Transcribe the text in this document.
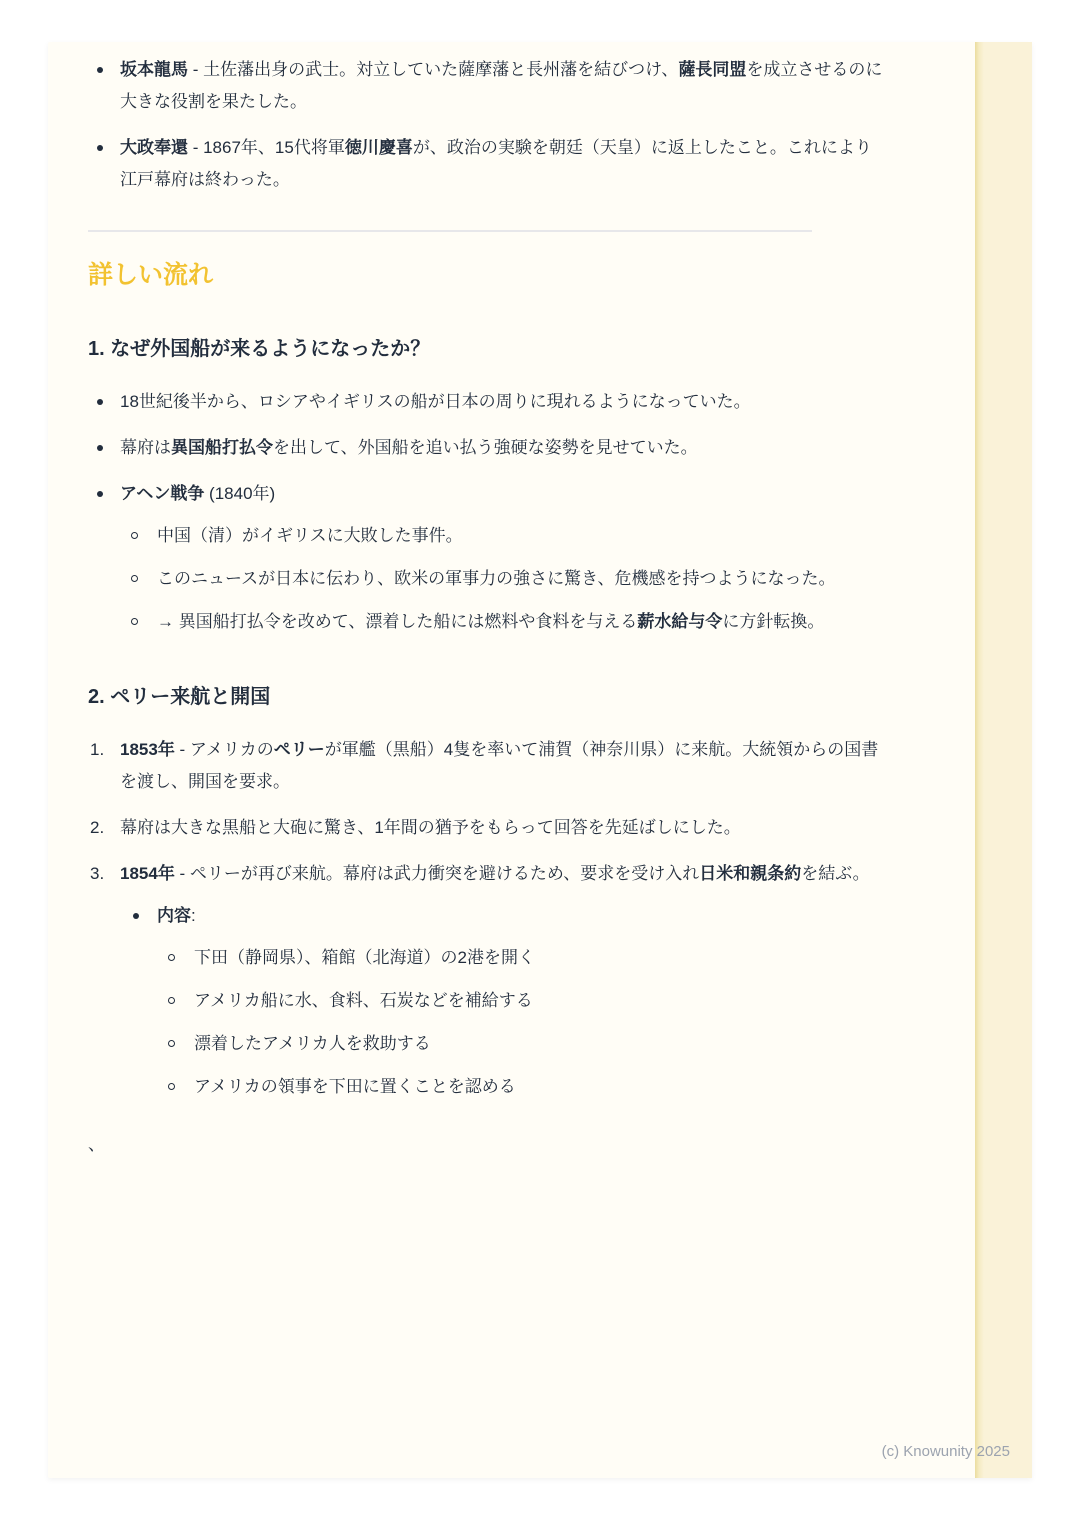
坂本龍馬 - 土佐藩出身の武士。対立していた薩摩藩と長州藩を結びつけ、薩長同盟を成立させるのに大きな役割を果たした。
大政奉還 - 1867年、15代将軍徳川慶喜が、政治の実験を朝廷（天皇）に返上したこと。これにより江戸幕府は終わった。
詳しい流れ
1. なぜ外国船が来るようになったか？
18世紀後半から、ロシアやイギリスの船が日本の周りに現れるようになっていた。
幕府は異国船打払令を出して、外国船を追い払う強硬な姿勢を見せていた。
アヘン戦争 (1840年)
中国（清）がイギリスに大敗した事件。
このニュースが日本に伝わり、欧米の軍事力の強さに驚き、危機感を持つようになった。
→ 異国船打払令を改めて、漂着した船には燃料や食料を与える薪水給与令に方針転換。
2. ペリー来航と開国
1853年 - アメリカのペリーが軍艦（黒船）4隻を率いて浦賀（神奈川県）に来航。大統領からの国書を渡し、開国を要求。
幕府は大きな黒船と大砲に驚き、1年間の猶予をもらって回答を先延ばしにした。
1854年 - ペリーが再び来航。幕府は武力衝突を避けるため、要求を受け入れ日米和親条約を結ぶ。
内容:
下田（静岡県）、箱館（北海道）の2港を開く
アメリカ船に水、食料、石炭などを補給する
漂着したアメリカ人を救助する
アメリカの領事を下田に置くことを認める

、

(c) Knowunity 2025
